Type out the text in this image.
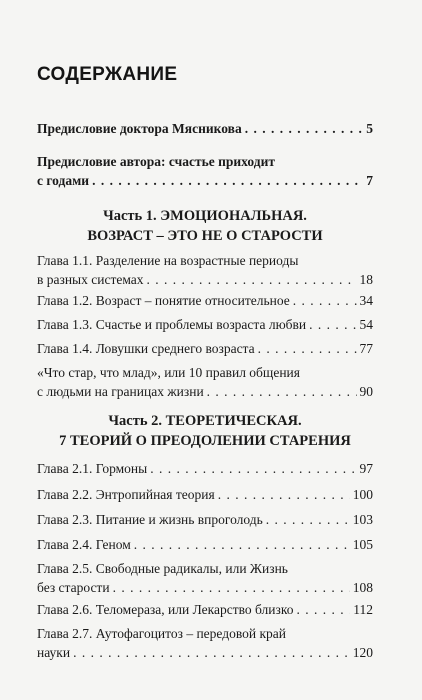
СОДЕРЖАНИЕ
Предисловие доктора Мясникова . . .	5
Предисловие автора: счастье приходит
с годами . . .	7
Часть 1. ЭМОЦИОНАЛЬНАЯ.
ВОЗРАСТ – ЭТО НЕ О СТАРОСТИ
Глава 1.1. Разделение на возрастные периоды
в разных системах . . .	18
Глава 1.2. Возраст – понятие относительное . . .	34
Глава 1.3. Счастье и проблемы возраста любви . . .	54
Глава 1.4. Ловушки среднего возраста . . .	77
«Что стар, что млад», или 10 правил общения
с людьми на границах жизни . . .	90
Часть 2. ТЕОРЕТИЧЕСКАЯ.
7 ТЕОРИЙ О ПРЕОДОЛЕНИИ СТАРЕНИЯ
Глава 2.1. Гормоны . . .	97
Глава 2.2. Энтропийная теория . . .	100
Глава 2.3. Питание и жизнь впроголодь . . .	103
Глава 2.4. Геном . . .	105
Глава 2.5. Свободные радикалы, или Жизнь
без старости . . .	108
Глава 2.6. Теломераза, или Лекарство близко . . .	112
Глава 2.7. Аутофагоцитоз – передовой край
науки . . .	120
